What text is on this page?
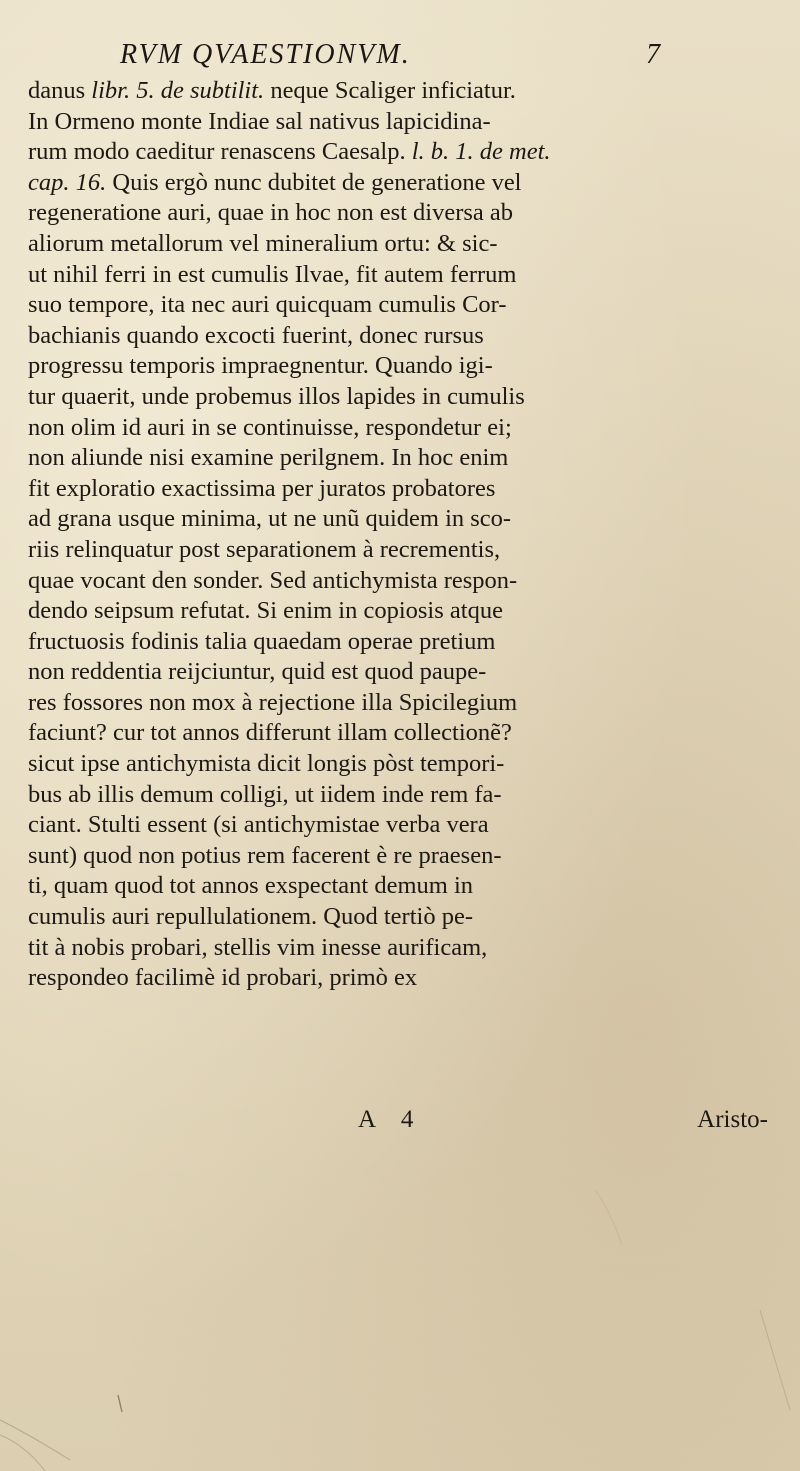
RVM QVAESTIONVM.	7
danus libr. 5. de subtilit. neque Scaliger inficiatur.
In Ormeno monte Indiae sal nativus lapicidina-
rum modo caeditur renascens Caesalp. l. b. 1. de met.
cap. 16. Quis ergò nunc dubitet de generatione vel
regeneratione auri, quae in hoc non est diversa ab
aliorum metallorum vel mineralium ortu: & sic-
ut nihil ferri in est cumulis Ilvae, fit autem ferrum
suo tempore, ita nec auri quicquam cumulis Cor-
bachianis quando excocti fuerint, donec rursus
progressu temporis impraegnentur. Quando igi-
tur quaerit, unde probemus illos lapides in cumulis
non olim id auri in se continuisse, respondetur ei;
non aliunde nisi examine perilgnem. In hoc enim
fit exploratio exactissima per juratos probatores
ad grana usque minima, ut ne unũ quidem in sco-
riis relinquatur post separationem à recrementis,
quae vocant den sonder. Sed antichymista respon-
dendo seipsum refutat. Si enim in copiosis atque
fructuosis fodinis talia quaedam operae pretium
non reddentia reijciuntur, quid est quod paupe-
res fossores non mox à rejectione illa Spicilegium
faciunt? cur tot annos differunt illam collectionẽ?
sicut ipse antichymista dicit longis pòst tempori-
bus ab illis demum colligi, ut iidem inde rem fa-
ciant. Stulti essent (si antichymistae verba vera
sunt) quod non potius rem facerent è re praesen-
ti, quam quod tot annos exspectant demum in
cumulis auri repullulationem. Quod tertiò pe-
tit à nobis probari, stellis vim inesse aurificam,
respondeo facilimè id probari, primò ex
A 4	Aristo-
